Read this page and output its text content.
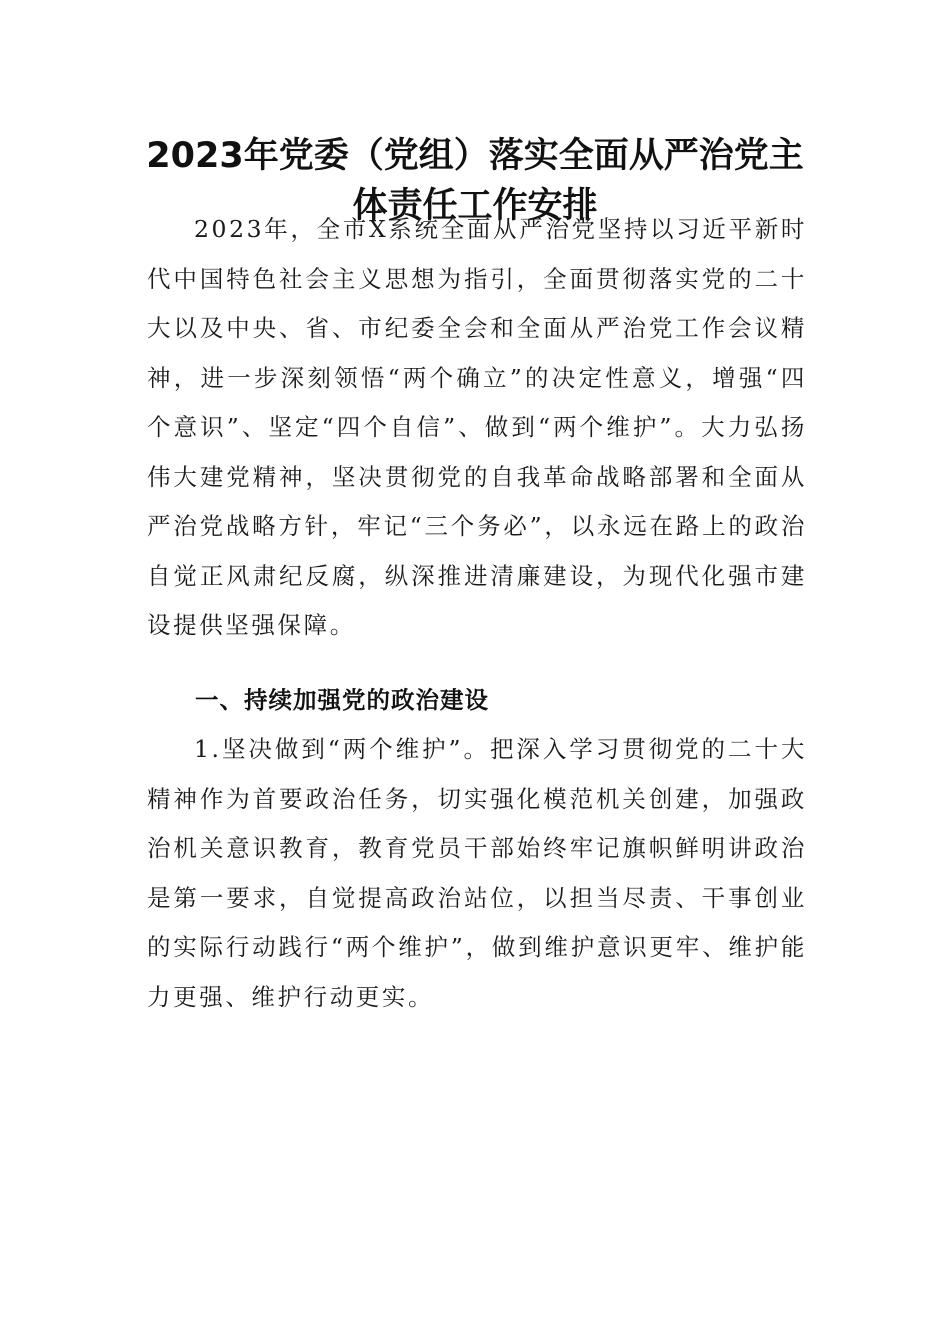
2023年党委（党组）落实全面从严治党主
体责任工作安排

2023年，全市X系统全面从严治党坚持以习近平新时代中国特色社会主义思想为指引，全面贯彻落实党的二十大以及中央、省、市纪委全会和全面从严治党工作会议精神，进一步深刻领悟“两个确立”的决定性意义，增强“四个意识”、坚定“四个自信”、做到“两个维护”。大力弘扬伟大建党精神，坚决贯彻党的自我革命战略部署和全面从严治党战略方针，牢记“三个务必”，以永远在路上的政治自觉正风肃纪反腐，纵深推进清廉建设，为现代化强市建设提供坚强保障。

一、持续加强党的政治建设

1.坚决做到“两个维护”。把深入学习贯彻党的二十大精神作为首要政治任务，切实强化模范机关创建，加强政治机关意识教育，教育党员干部始终牢记旗帜鲜明讲政治是第一要求，自觉提高政治站位，以担当尽责、干事创业的实际行动践行“两个维护”，做到维护意识更牢、维护能力更强、维护行动更实。
